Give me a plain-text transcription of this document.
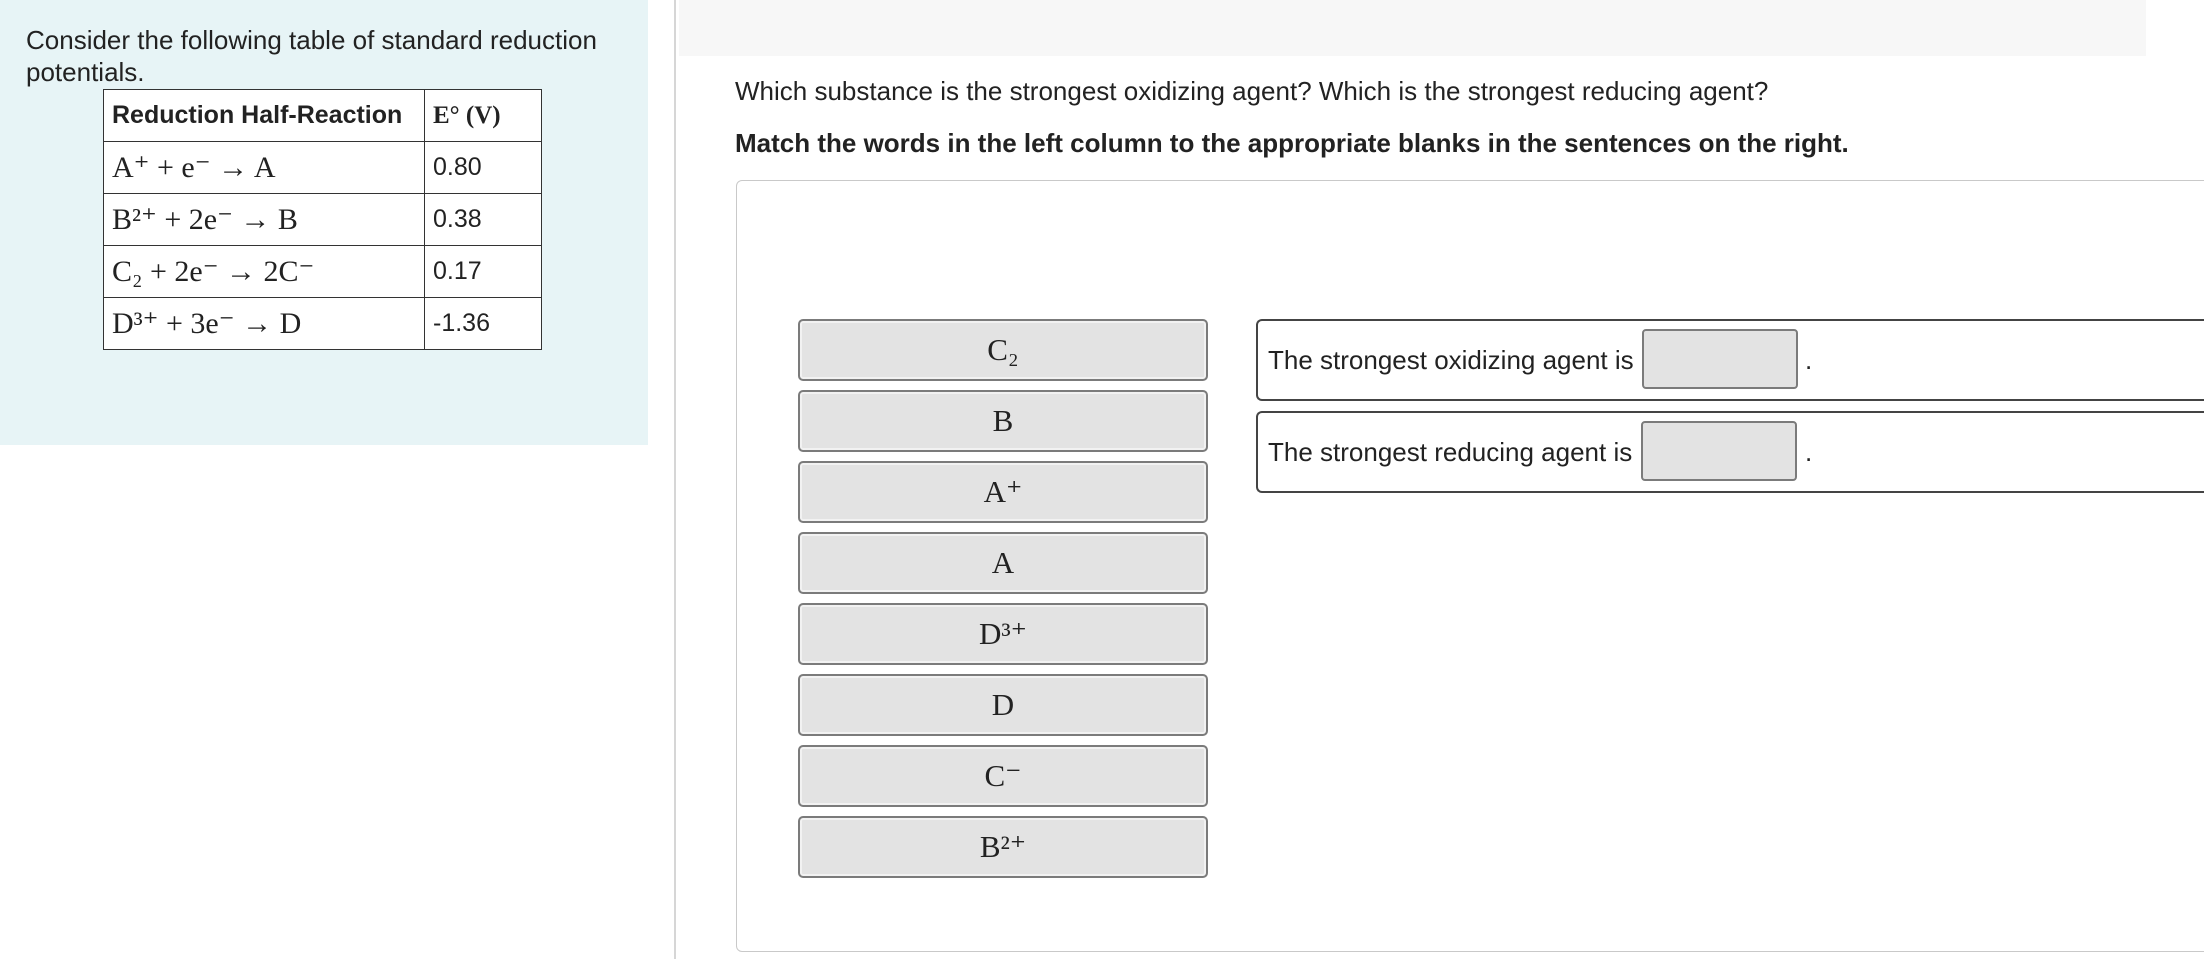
Consider the following table of standard reduction potentials.
Reduction Half-Reaction	E° (V)
A⁺ + e⁻ → A	0.80
B²⁺ + 2e⁻ → B	0.38
C₂ + 2e⁻ → 2C⁻	0.17
D³⁺ + 3e⁻ → D	-1.36
Which substance is the strongest oxidizing agent? Which is the strongest reducing agent?
Match the words in the left column to the appropriate blanks in the sentences on the right.
C₂
B
A⁺
A
D³⁺
D
C⁻
B²⁺
The strongest oxidizing agent is	.
The strongest reducing agent is	.
